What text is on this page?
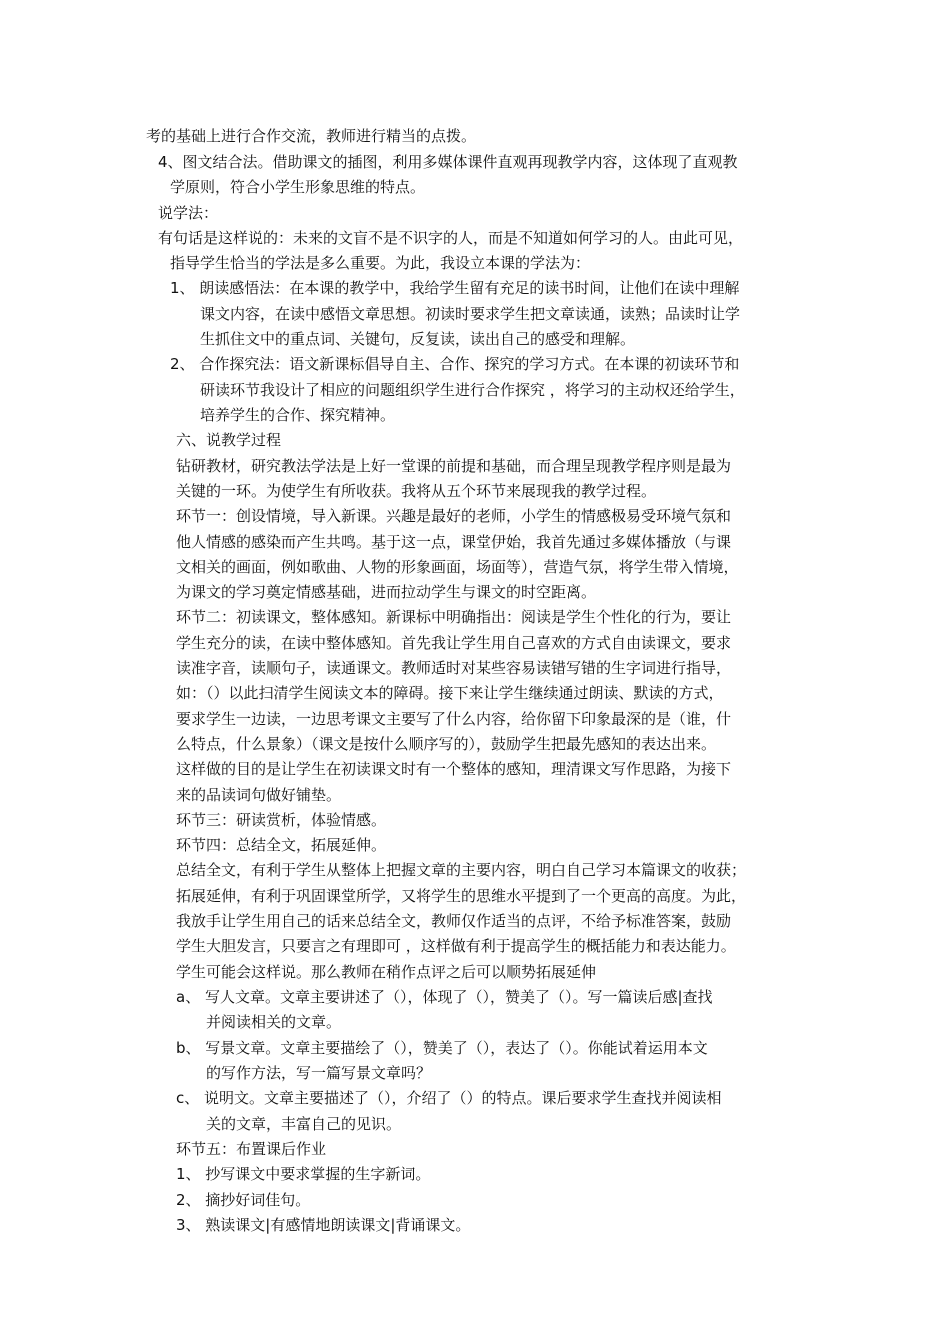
考的基础上进行合作交流，教师进行精当的点拨。

4、图文结合法。借助课文的插图，利用多媒体课件直观再现教学内容，这体现了直观教

学原则，符合小学生形象思维的特点。

说学法：

有句话是这样说的：未来的文盲不是不识字的人，而是不知道如何学习的人。由此可见，

指导学生恰当的学法是多么重要。为此，我设立本课的学法为：

1、 朗读感悟法：在本课的教学中，我给学生留有充足的读书时间，让他们在读中理解

课文内容，在读中感悟文章思想。初读时要求学生把文章读通，读熟；品读时让学

生抓住文中的重点词、关键句，反复读，读出自己的感受和理解。

2、 合作探究法：语文新课标倡导自主、合作、探究的学习方式。在本课的初读环节和

研读环节我设计了相应的问题组织学生进行合作探究 ，将学习的主动权还给学生，

培养学生的合作、探究精神。

六、说教学过程

钻研教材，研究教法学法是上好一堂课的前提和基础，而合理呈现教学程序则是最为

关键的一环。为使学生有所收获。我将从五个环节来展现我的教学过程。

环节一：创设情境，导入新课。兴趣是最好的老师，小学生的情感极易受环境气氛和

他人情感的感染而产生共鸣。基于这一点，课堂伊始，我首先通过多媒体播放（与课

文相关的画面，例如歌曲、人物的形象画面，场面等），营造气氛，将学生带入情境，

为课文的学习奠定情感基础，进而拉动学生与课文的时空距离。

环节二：初读课文，整体感知。新课标中明确指出：阅读是学生个性化的行为，要让

学生充分的读，在读中整体感知。首先我让学生用自己喜欢的方式自由读课文，要求

读准字音，读顺句子，读通课文。教师适时对某些容易读错写错的生字词进行指导，

如：（）以此扫清学生阅读文本的障碍。接下来让学生继续通过朗读、默读的方式，

要求学生一边读，一边思考课文主要写了什么内容，给你留下印象最深的是（谁，什

么特点，什么景象）（课文是按什么顺序写的），鼓励学生把最先感知的表达出来。

这样做的目的是让学生在初读课文时有一个整体的感知，理清课文写作思路，为接下

来的品读词句做好铺垫。

环节三：研读赏析，体验情感。

环节四：总结全文，拓展延伸。

总结全文，有利于学生从整体上把握文章的主要内容，明白自己学习本篇课文的收获；

拓展延伸，有利于巩固课堂所学，又将学生的思维水平提到了一个更高的高度。为此，

我放手让学生用自己的话来总结全文，教师仅作适当的点评，不给予标准答案，鼓励

学生大胆发言，只要言之有理即可 ，这样做有利于提高学生的概括能力和表达能力。

学生可能会这样说。那么教师在稍作点评之后可以顺势拓展延伸

a、 写人文章。文章主要讲述了（），体现了（），赞美了（）。写一篇读后感|查找

并阅读相关的文章。

b、 写景文章。文章主要描绘了（），赞美了（），表达了（）。你能试着运用本文

的写作方法，写一篇写景文章吗？

c、 说明文。文章主要描述了（），介绍了（）的特点。课后要求学生查找并阅读相

关的文章，丰富自己的见识。

环节五：布置课后作业

1、 抄写课文中要求掌握的生字新词。

2、 摘抄好词佳句。

3、 熟读课文|有感情地朗读课文|背诵课文。
